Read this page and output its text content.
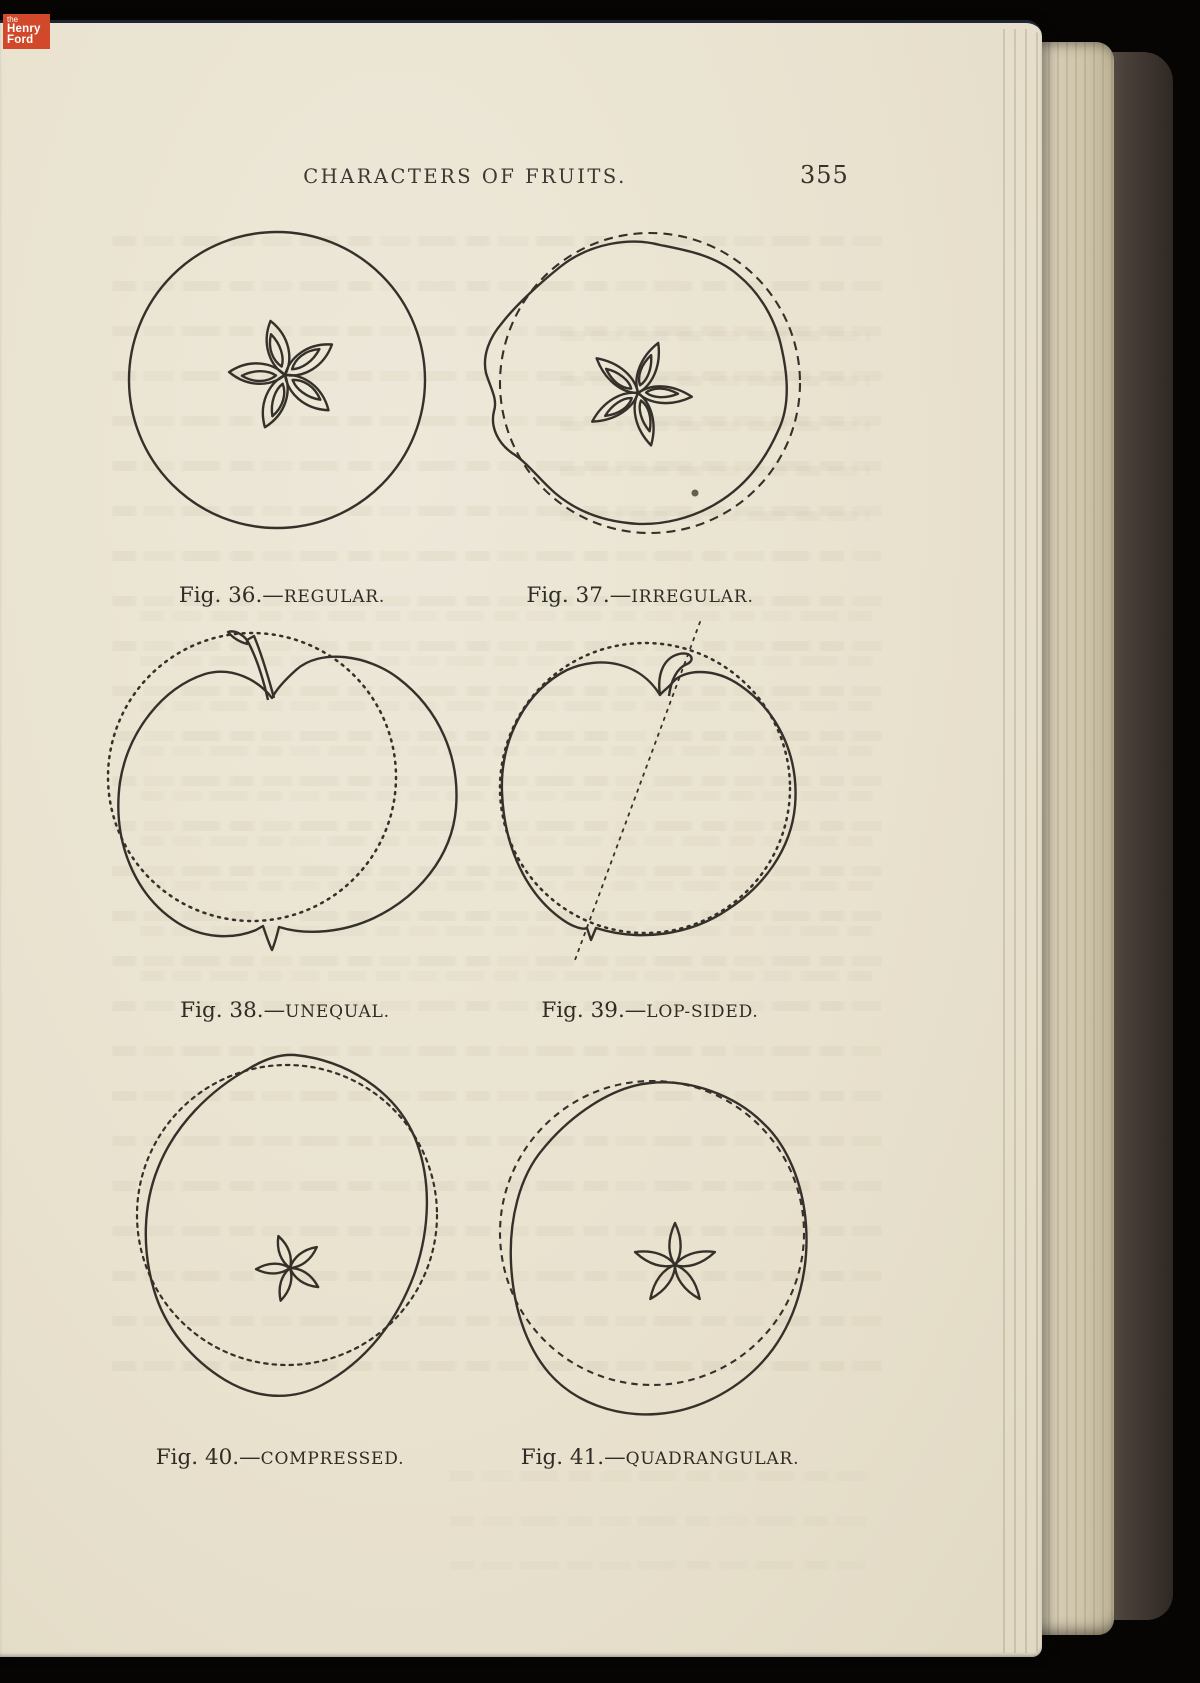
the
Henry
Ford
CHARACTERS OF FRUITS.	355
Fig. 36.—REGULAR.	Fig. 37.—IRREGULAR.
Fig. 38.—UNEQUAL.	Fig. 39.—LOP-SIDED.
Fig. 40.—COMPRESSED.	Fig. 41.—QUADRANGULAR.
